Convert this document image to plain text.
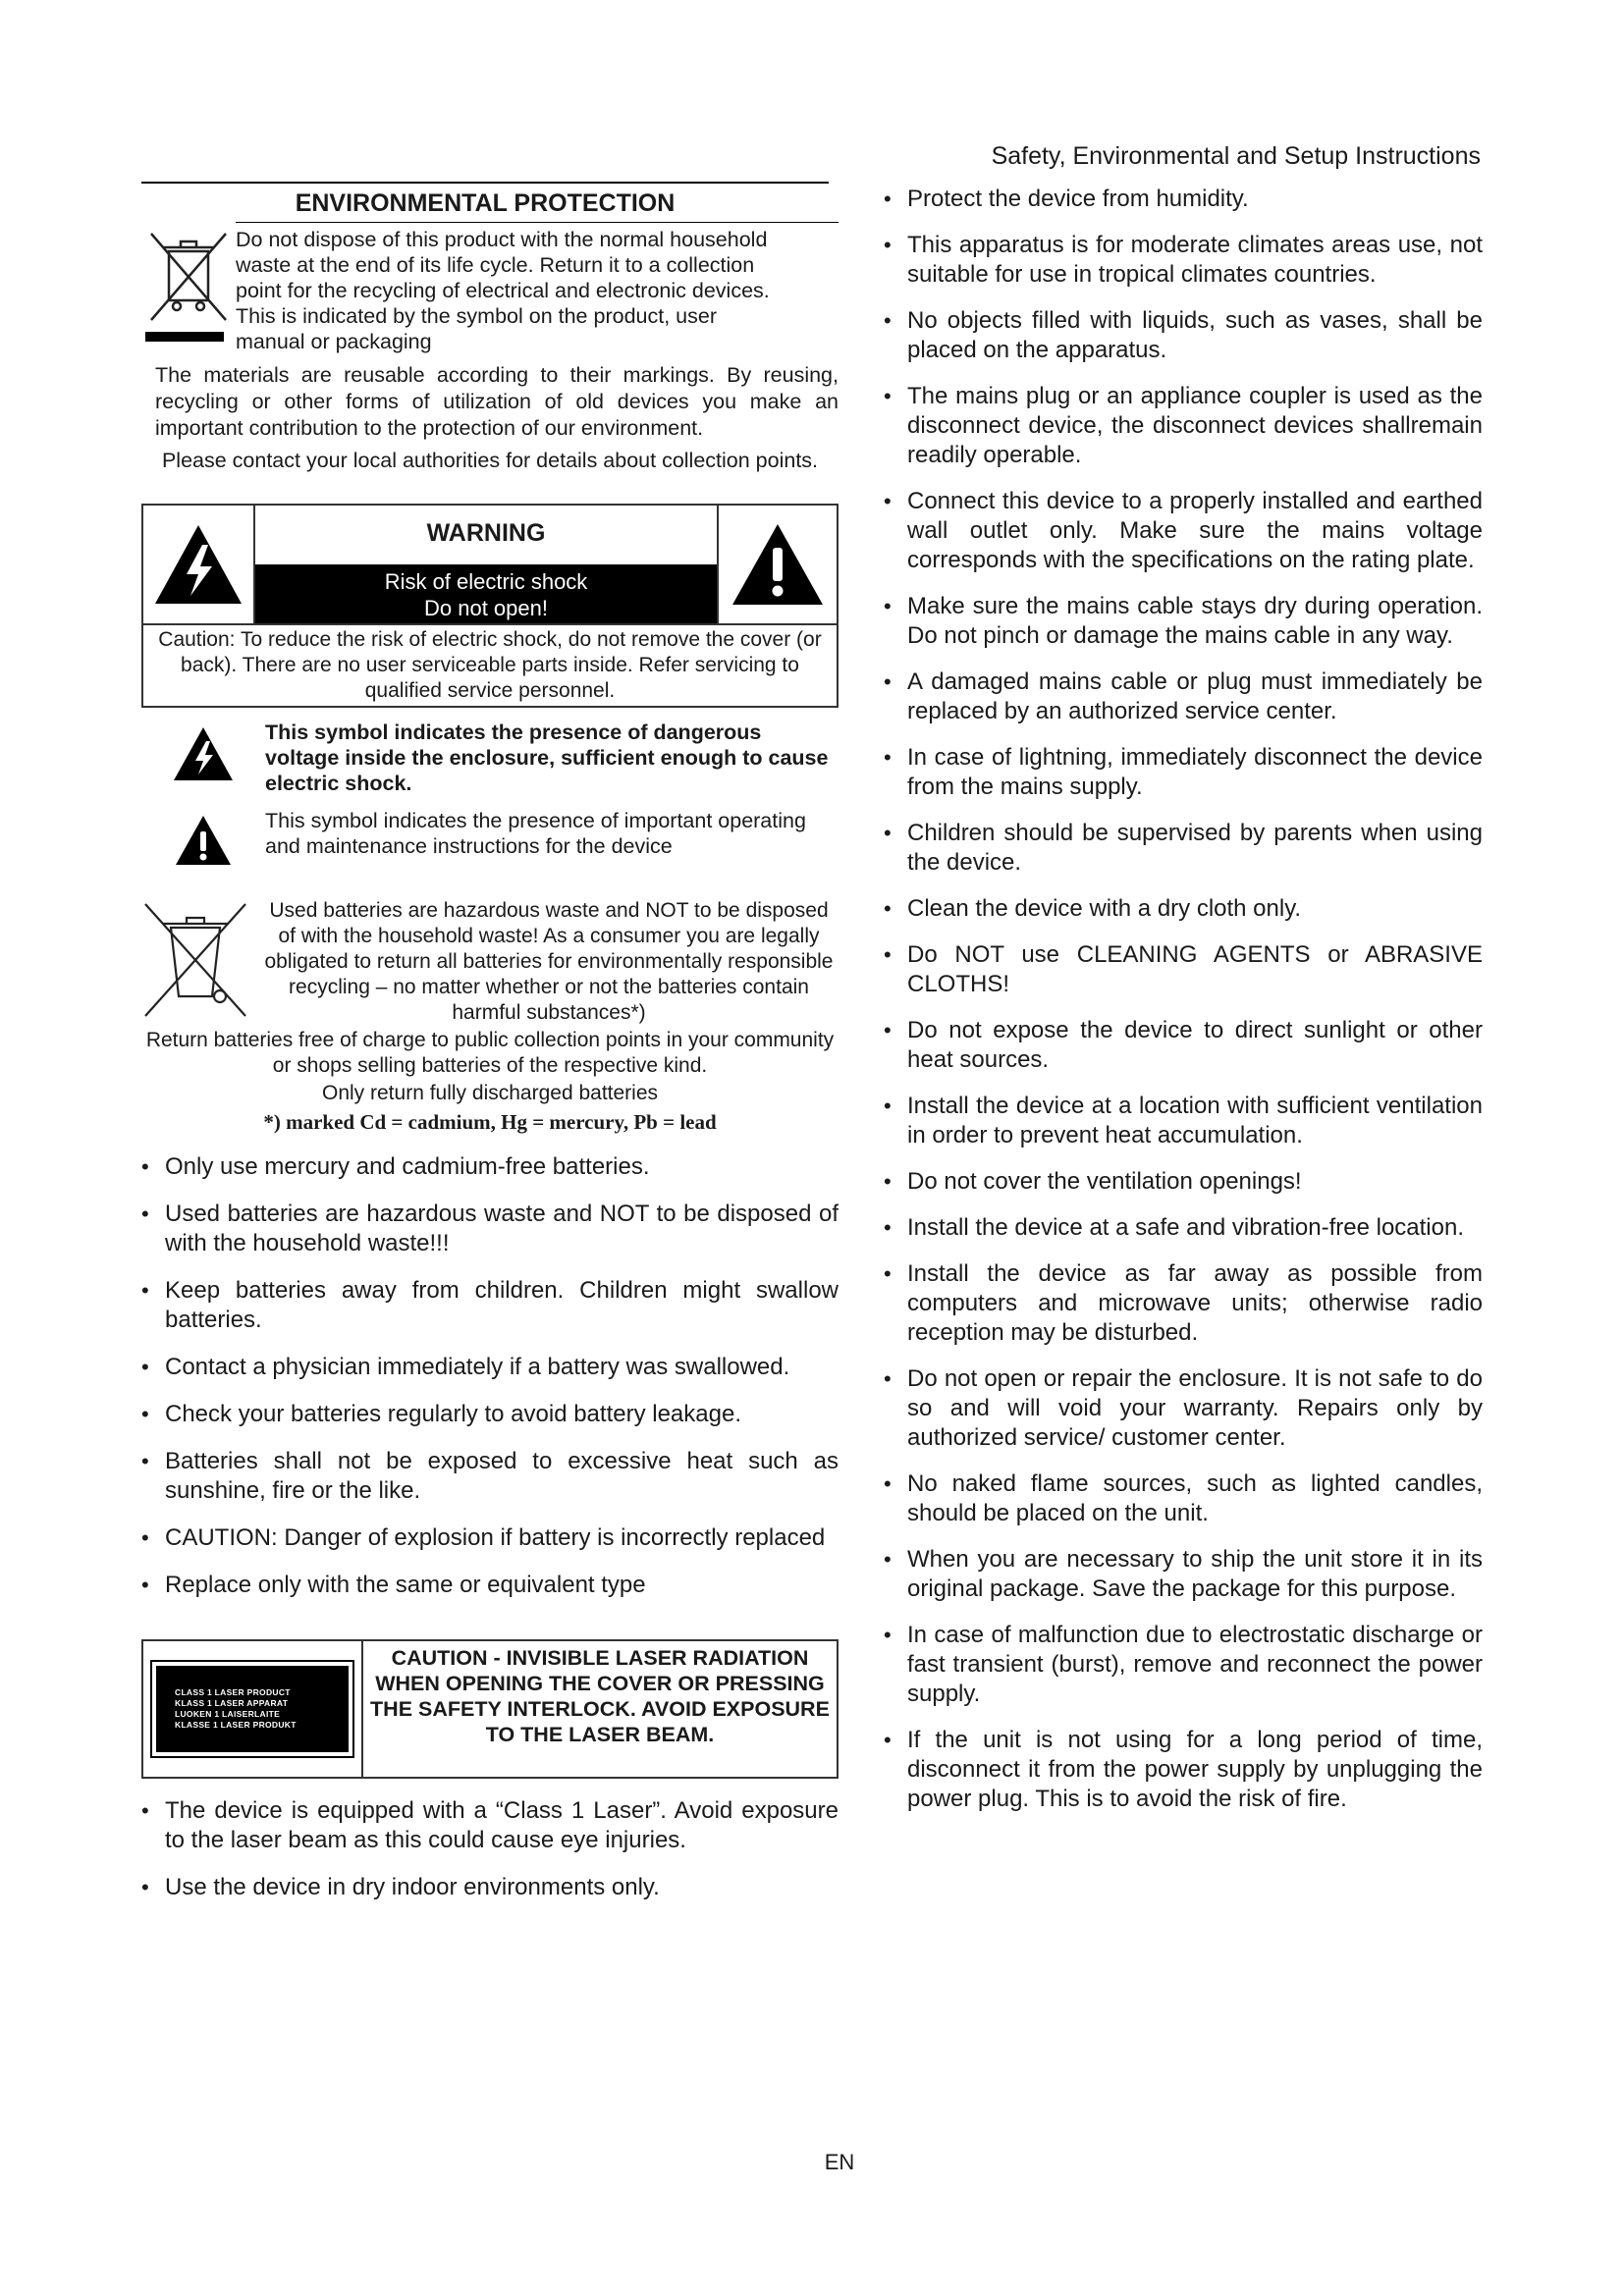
Safety, Environmental and Setup Instructions
ENVIRONMENTAL PROTECTION
Do not dispose of this product with the normal household
waste at the end of its life cycle. Return it to a collection
point for the recycling of electrical and electronic devices.
This is indicated by the symbol on the product, user
manual or packaging
The materials are reusable according to their markings. By reusing, recycling or other forms of utilization of old devices you make an important contribution to the protection of our environment.
Please contact your local authorities for details about collection points.
WARNING
Risk of electric shock
Do not open!
Caution: To reduce the risk of electric shock, do not remove the cover (or back). There are no user serviceable parts inside. Refer servicing to qualified service personnel.
This symbol indicates the presence of dangerous voltage inside the enclosure, sufficient enough to cause electric shock.
This symbol indicates the presence of important operating and maintenance instructions for the device
Used batteries are hazardous waste and NOT to be disposed of with the household waste! As a consumer you are legally obligated to return all batteries for environmentally responsible recycling – no matter whether or not the batteries contain harmful substances*)
Return batteries free of charge to public collection points in your community or shops selling batteries of the respective kind.
Only return fully discharged batteries
*) marked Cd = cadmium, Hg = mercury, Pb = lead
• Only use mercury and cadmium-free batteries.
• Used batteries are hazardous waste and NOT to be disposed of with the household waste!!!
• Keep batteries away from children. Children might swallow batteries.
• Contact a physician immediately if a battery was swallowed.
• Check your batteries regularly to avoid battery leakage.
• Batteries shall not be exposed to excessive heat such as sunshine, fire or the like.
• CAUTION: Danger of explosion if battery is incorrectly replaced
• Replace only with the same or equivalent type
CLASS 1 LASER PRODUCT
KLASS 1 LASER APPARAT
LUOKEN 1 LAISERLAITE
KLASSE 1 LASER PRODUKT
CAUTION - INVISIBLE LASER RADIATION WHEN OPENING THE COVER OR PRESSING THE SAFETY INTERLOCK. AVOID EXPOSURE TO THE LASER BEAM.
• The device is equipped with a “Class 1 Laser”. Avoid exposure to the laser beam as this could cause eye injuries.
• Use the device in dry indoor environments only.
• Protect the device from humidity.
• This apparatus is for moderate climates areas use, not suitable for use in tropical climates countries.
• No objects filled with liquids, such as vases, shall be placed on the apparatus.
• The mains plug or an appliance coupler is used as the disconnect device, the disconnect devices shallremain readily operable.
• Connect this device to a properly installed and earthed wall outlet only. Make sure the mains voltage corresponds with the specifications on the rating plate.
• Make sure the mains cable stays dry during operation. Do not pinch or damage the mains cable in any way.
• A damaged mains cable or plug must immediately be replaced by an authorized service center.
• In case of lightning, immediately disconnect the device from the mains supply.
• Children should be supervised by parents when using the device.
• Clean the device with a dry cloth only.
• Do NOT use CLEANING AGENTS or ABRASIVE CLOTHS!
• Do not expose the device to direct sunlight or other heat sources.
• Install the device at a location with sufficient ventilation in order to prevent heat accumulation.
• Do not cover the ventilation openings!
• Install the device at a safe and vibration-free location.
• Install the device as far away as possible from computers and microwave units; otherwise radio reception may be disturbed.
• Do not open or repair the enclosure. It is not safe to do so and will void your warranty. Repairs only by authorized service/ customer center.
• No naked flame sources, such as lighted candles, should be placed on the unit.
• When you are necessary to ship the unit store it in its original package. Save the package for this purpose.
• In case of malfunction due to electrostatic discharge or fast transient (burst), remove and reconnect the power supply.
• If the unit is not using for a long period of time, disconnect it from the power supply by unplugging the power plug. This is to avoid the risk of fire.
EN
